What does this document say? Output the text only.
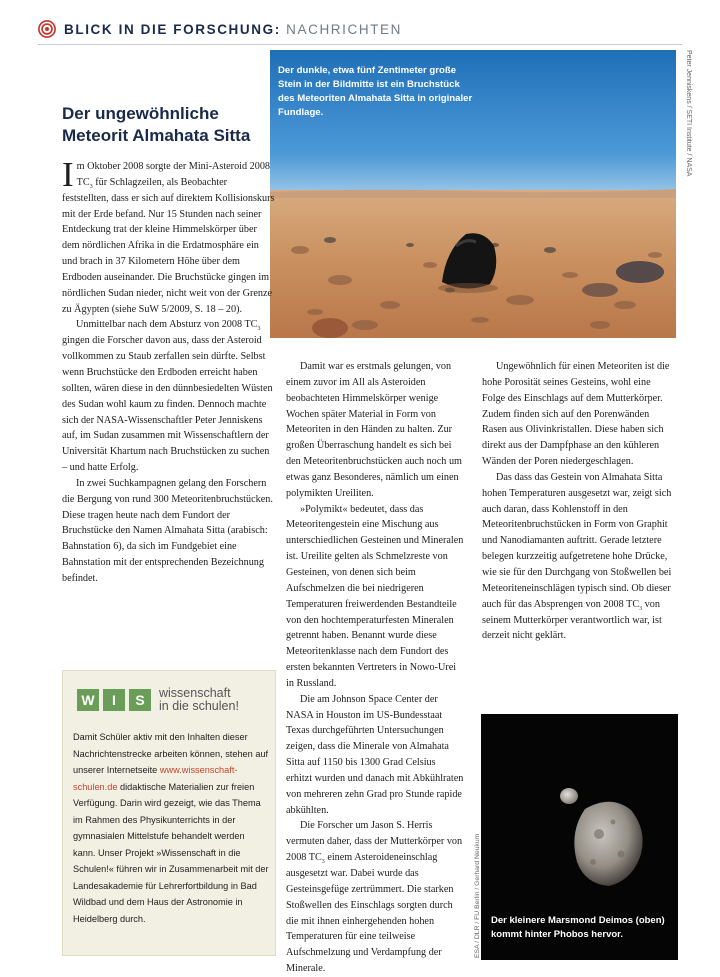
BLICK IN DIE FORSCHUNG: NACHRICHTEN
Der dunkle, etwa fünf Zentimeter große Stein in der Bildmitte ist ein Bruchstück des Meteoriten Almahata Sitta in originaler Fundlage.	Peter Jenniskens / SETI Institute / NASA
Der ungewöhnliche
Meteorit Almahata Sitta

Im Oktober 2008 sorgte der Mini-Asteroid 2008 $TC_3$ für Schlagzeilen, als Beobachter feststellten, dass er sich auf direktem Kollisionskurs mit der Erde befand. Nur 15 Stunden nach seiner Entdeckung trat der kleine Himmelskörper über dem nördlichen Afrika in die Erdatmosphäre ein und brach in 37 Kilometern Höhe über dem Erdboden auseinander. Die Bruchstücke gingen im nördlichen Sudan nieder, nicht weit von der Grenze zu Ägypten (siehe SuW 5/2009, S. 18 – 20).

Unmittelbar nach dem Absturz von 2008 $TC_3$ gingen die Forscher davon aus, dass der Asteroid vollkommen zu Staub zerfallen sein dürfte. Selbst wenn Bruchstücke den Erdboden erreicht haben sollten, wären diese in den dünnbesiedelten Wüsten des Sudan wohl kaum zu finden. Dennoch machte sich der NASA-Wissenschaftler Peter Jenniskens auf, im Sudan zusammen mit Wissenschaftlern der Universität Khartum nach Bruchstücken zu suchen – und hatte Erfolg.

In zwei Suchkampagnen gelang den Forschern die Bergung von rund 300 Meteoritenbruchstücken. Diese tragen heute nach dem Fundort der Bruchstücke den Namen Almahata Sitta (arabisch: Bahnstation 6), da sich im Fundgebiet eine Bahnstation mit der entsprechenden Bezeichnung befindet.

Damit war es erstmals gelungen, von einem zuvor im All als Asteroiden beobachteten Himmelskörper wenige Wochen später Material in Form von Meteoriten in den Händen zu halten. Zur großen Überraschung handelt es sich bei den Meteoritenbruchstücken auch noch um etwas ganz Besonderes, nämlich um einen polymikten Ureiliten.

»Polymikt« bedeutet, dass das Meteoritengestein eine Mischung aus unterschiedlichen Gesteinen und Mineralen ist. Ureilite gelten als Schmelzreste von Gesteinen, von denen sich beim Aufschmelzen die bei niedrigeren Temperaturen freiwerdenden Bestandteile von den hochtemperaturfesten Mineralen getrennt haben. Benannt wurde diese Meteoritenklasse nach dem Fundort des ersten bekannten Vertreters in Nowo-Urei in Russland.

Die am Johnson Space Center der NASA in Houston im US-Bundesstaat Texas durchgeführten Untersuchungen zeigen, dass die Minerale von Almahata Sitta auf 1150 bis 1300 Grad Celsius erhitzt wurden und danach mit Abkühlraten von mehreren zehn Grad pro Stunde rapide abkühlten.

Die Forscher um Jason S. Herris vermuten daher, dass der Mutterkörper von 2008 $TC_3$ einem Asteroideneinschlag ausgesetzt war. Dabei wurde das Gesteinsgefüge zertrümmert. Die starken Stoßwellen des Einschlags sorgten durch die mit ihnen einhergehenden hohen Temperaturen für eine teilweise Aufschmelzung und Verdampfung der Minerale.

Ungewöhnlich für einen Meteoriten ist die hohe Porosität seines Gesteins, wohl eine Folge des Einschlags auf dem Mutterkörper. Zudem finden sich auf den Porenwänden Rasen aus Olivinkristallen. Diese haben sich direkt aus der Dampfphase an den kühleren Wänden der Poren niedergeschlagen.

Das dass das Gestein von Almahata Sitta hohen Temperaturen ausgesetzt war, zeigt sich auch daran, dass Kohlenstoff in den Meteoritenbruchstücken in Form von Graphit und Nanodiamanten auftritt. Gerade letztere belegen kurzzeitig aufgetretene hohe Drücke, wie sie für den Durchgang von Stoßwellen bei Meteoriteneinschlägen typisch sind. Ob dieser auch für das Absprengen von 2008 $TC_3$ von seinem Mutterkörper verantwortlich war, ist derzeit nicht geklärt.

W	I	S	wissenschaft
in die schulen!

Damit Schüler aktiv mit den Inhalten dieser Nachrichtenstrecke arbeiten können, stehen auf unserer Internetseite www.wissenschaft-schulen.de didaktische Materialien zur freien Verfügung. Darin wird gezeigt, wie das Thema im Rahmen des Physikunterrichts in der gymnasialen Mittelstufe behandelt werden kann. Unser Projekt »Wissenschaft in die Schulen!« führen wir in Zusammenarbeit mit der Landesakademie für Lehrerfortbildung in Bad Wildbad und dem Haus der Astronomie in Heidelberg durch.	Der kleinere Marsmond Deimos (oben) kommt hinter Phobos hervor.
ESA / DLR / FU Berlin / Gerhard Neukum
